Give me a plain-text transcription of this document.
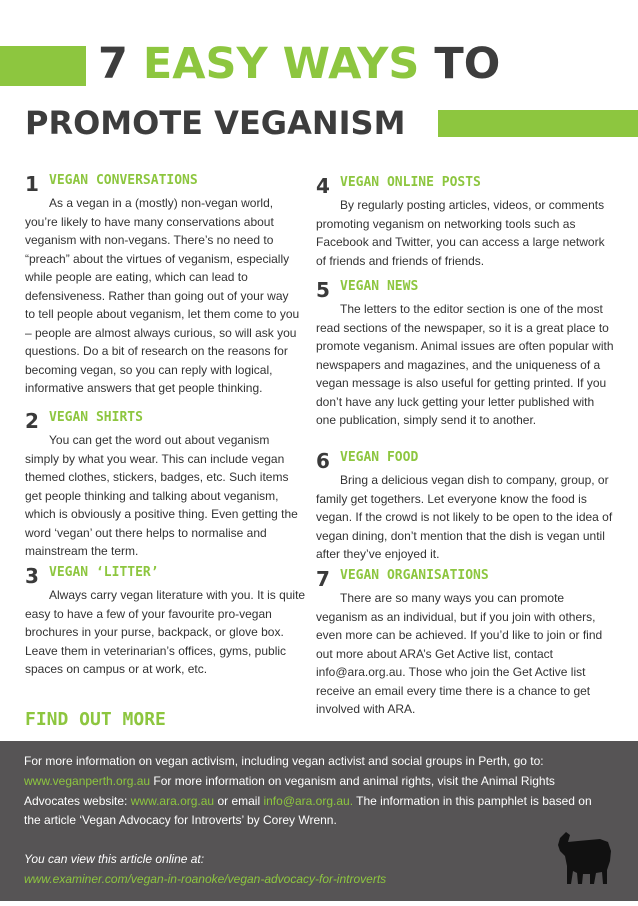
7 EASY WAYS TO
PROMOTE VEGANISM
1 VEGAN CONVERSATIONS

As a vegan in a (mostly) non-vegan world, you’re likely to have many conservations about veganism with non-vegans. There’s no need to “preach” about the virtues of veganism, especially while people are eating, which can lead to defensiveness. Rather than going out of your way to tell people about veganism, let them come to you – people are almost always curious, so will ask you questions. Do a bit of research on the reasons for becoming vegan, so you can reply with logical, informative answers that get people thinking.

2 VEGAN SHIRTS

You can get the word out about veganism simply by what you wear. This can include vegan themed clothes, stickers, badges, etc. Such items get people thinking and talking about veganism, which is obviously a positive thing. Even getting the word ‘vegan’ out there helps to normalise and mainstream the term.

3 VEGAN ‘LITTER’

Always carry vegan literature with you. It is quite easy to have a few of your favourite pro-vegan brochures in your purse, backpack, or glove box. Leave them in veterinarian’s offices, gyms, public spaces on campus or at work, etc.

4 VEGAN ONLINE POSTS

By regularly posting articles, videos, or comments promoting veganism on networking tools such as Facebook and Twitter, you can access a large network of friends and friends of friends.

5 VEGAN NEWS

The letters to the editor section is one of the most read sections of the newspaper, so it is a great place to promote veganism. Animal issues are often popular with newspapers and magazines, and the uniqueness of a vegan message is also useful for getting printed. If you don’t have any luck getting your letter published with one publication, simply send it to another.

6 VEGAN FOOD

Bring a delicious vegan dish to company, group, or family get togethers. Let everyone know the food is vegan. If the crowd is not likely to be open to the idea of vegan dining, don’t mention that the dish is vegan until after they’ve enjoyed it.

7 VEGAN ORGANISATIONS

There are so many ways you can promote veganism as an individual, but if you join with others, even more can be achieved. If you’d like to join or find out more about ARA’s Get Active list, contact info@ara.org.au. Those who join the Get Active list receive an email every time there is a chance to get involved with ARA.

FIND OUT MORE

For more information on vegan activism, including vegan activist and social groups in Perth, go to:
www.veganperth.org.au For more information on veganism and animal rights, visit the Animal Rights Advocates website: www.ara.org.au or email info@ara.org.au. The information in this pamphlet is based on the article ‘Vegan Advocacy for Introverts’ by Corey Wrenn.

You can view this article online at:

www.examiner.com/vegan-in-roanoke/vegan-advocacy-for-introverts
